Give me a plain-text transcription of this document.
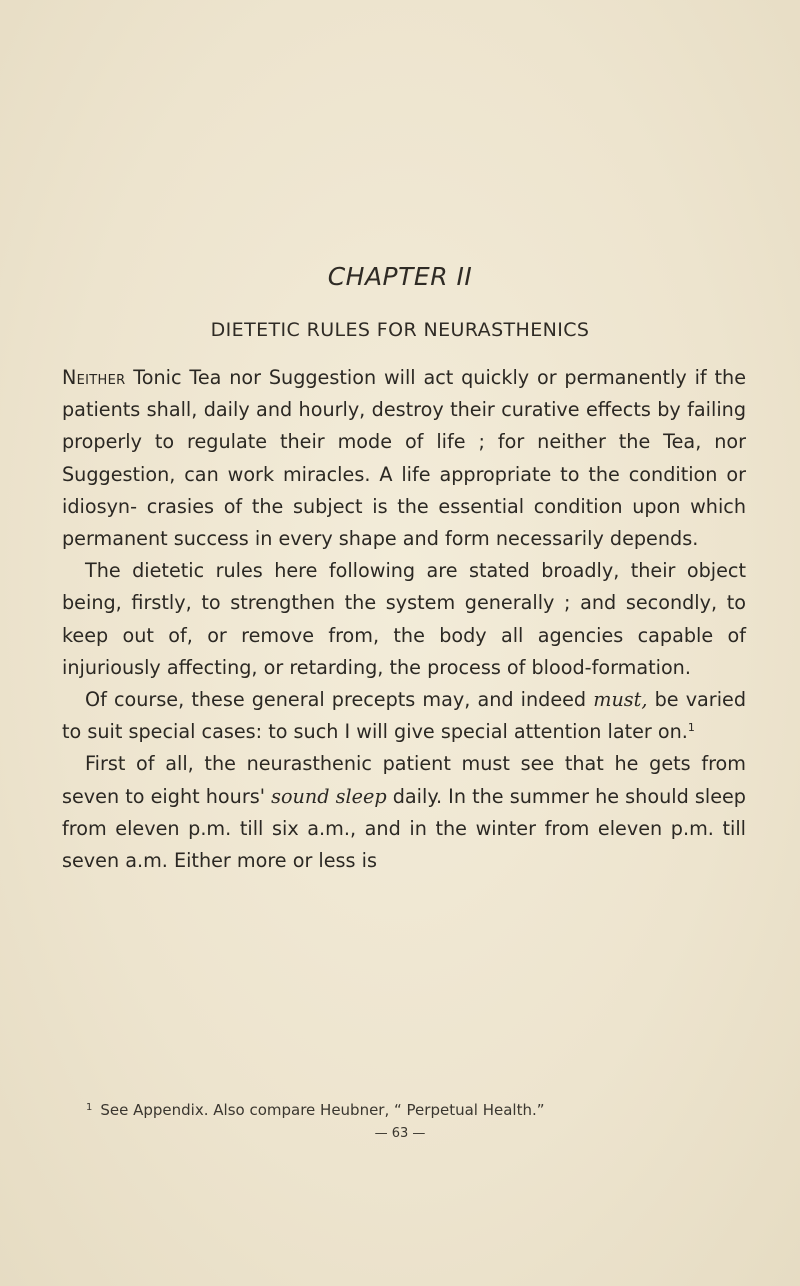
CHAPTER II
DIETETIC RULES FOR NEURASTHENICS

Neither Tonic Tea nor Suggestion will act quickly or permanently if the patients shall, daily and hourly, destroy their curative effects by failing properly to regulate their mode of life ; for neither the Tea, nor Suggestion, can work miracles. A life appropriate to the condition or idiosyn- crasies of the subject is the essential condition upon which permanent success in every shape and form necessarily depends.

The dietetic rules here following are stated broadly, their object being, firstly, to strengthen the system generally ; and secondly, to keep out of, or remove from, the body all agencies capable of injuriously affecting, or retarding, the process of blood-formation.

Of course, these general precepts may, and indeed must, be varied to suit special cases: to such I will give special attention later on.$^1$

First of all, the neurasthenic patient must see that he gets from seven to eight hours' sound sleep daily. In the summer he should sleep from eleven p.m. till six a.m., and in the winter from eleven p.m. till seven a.m. Either more or less is

$^1$ See Appendix. Also compare Heubner, “ Perpetual Health.”
— 63 —
